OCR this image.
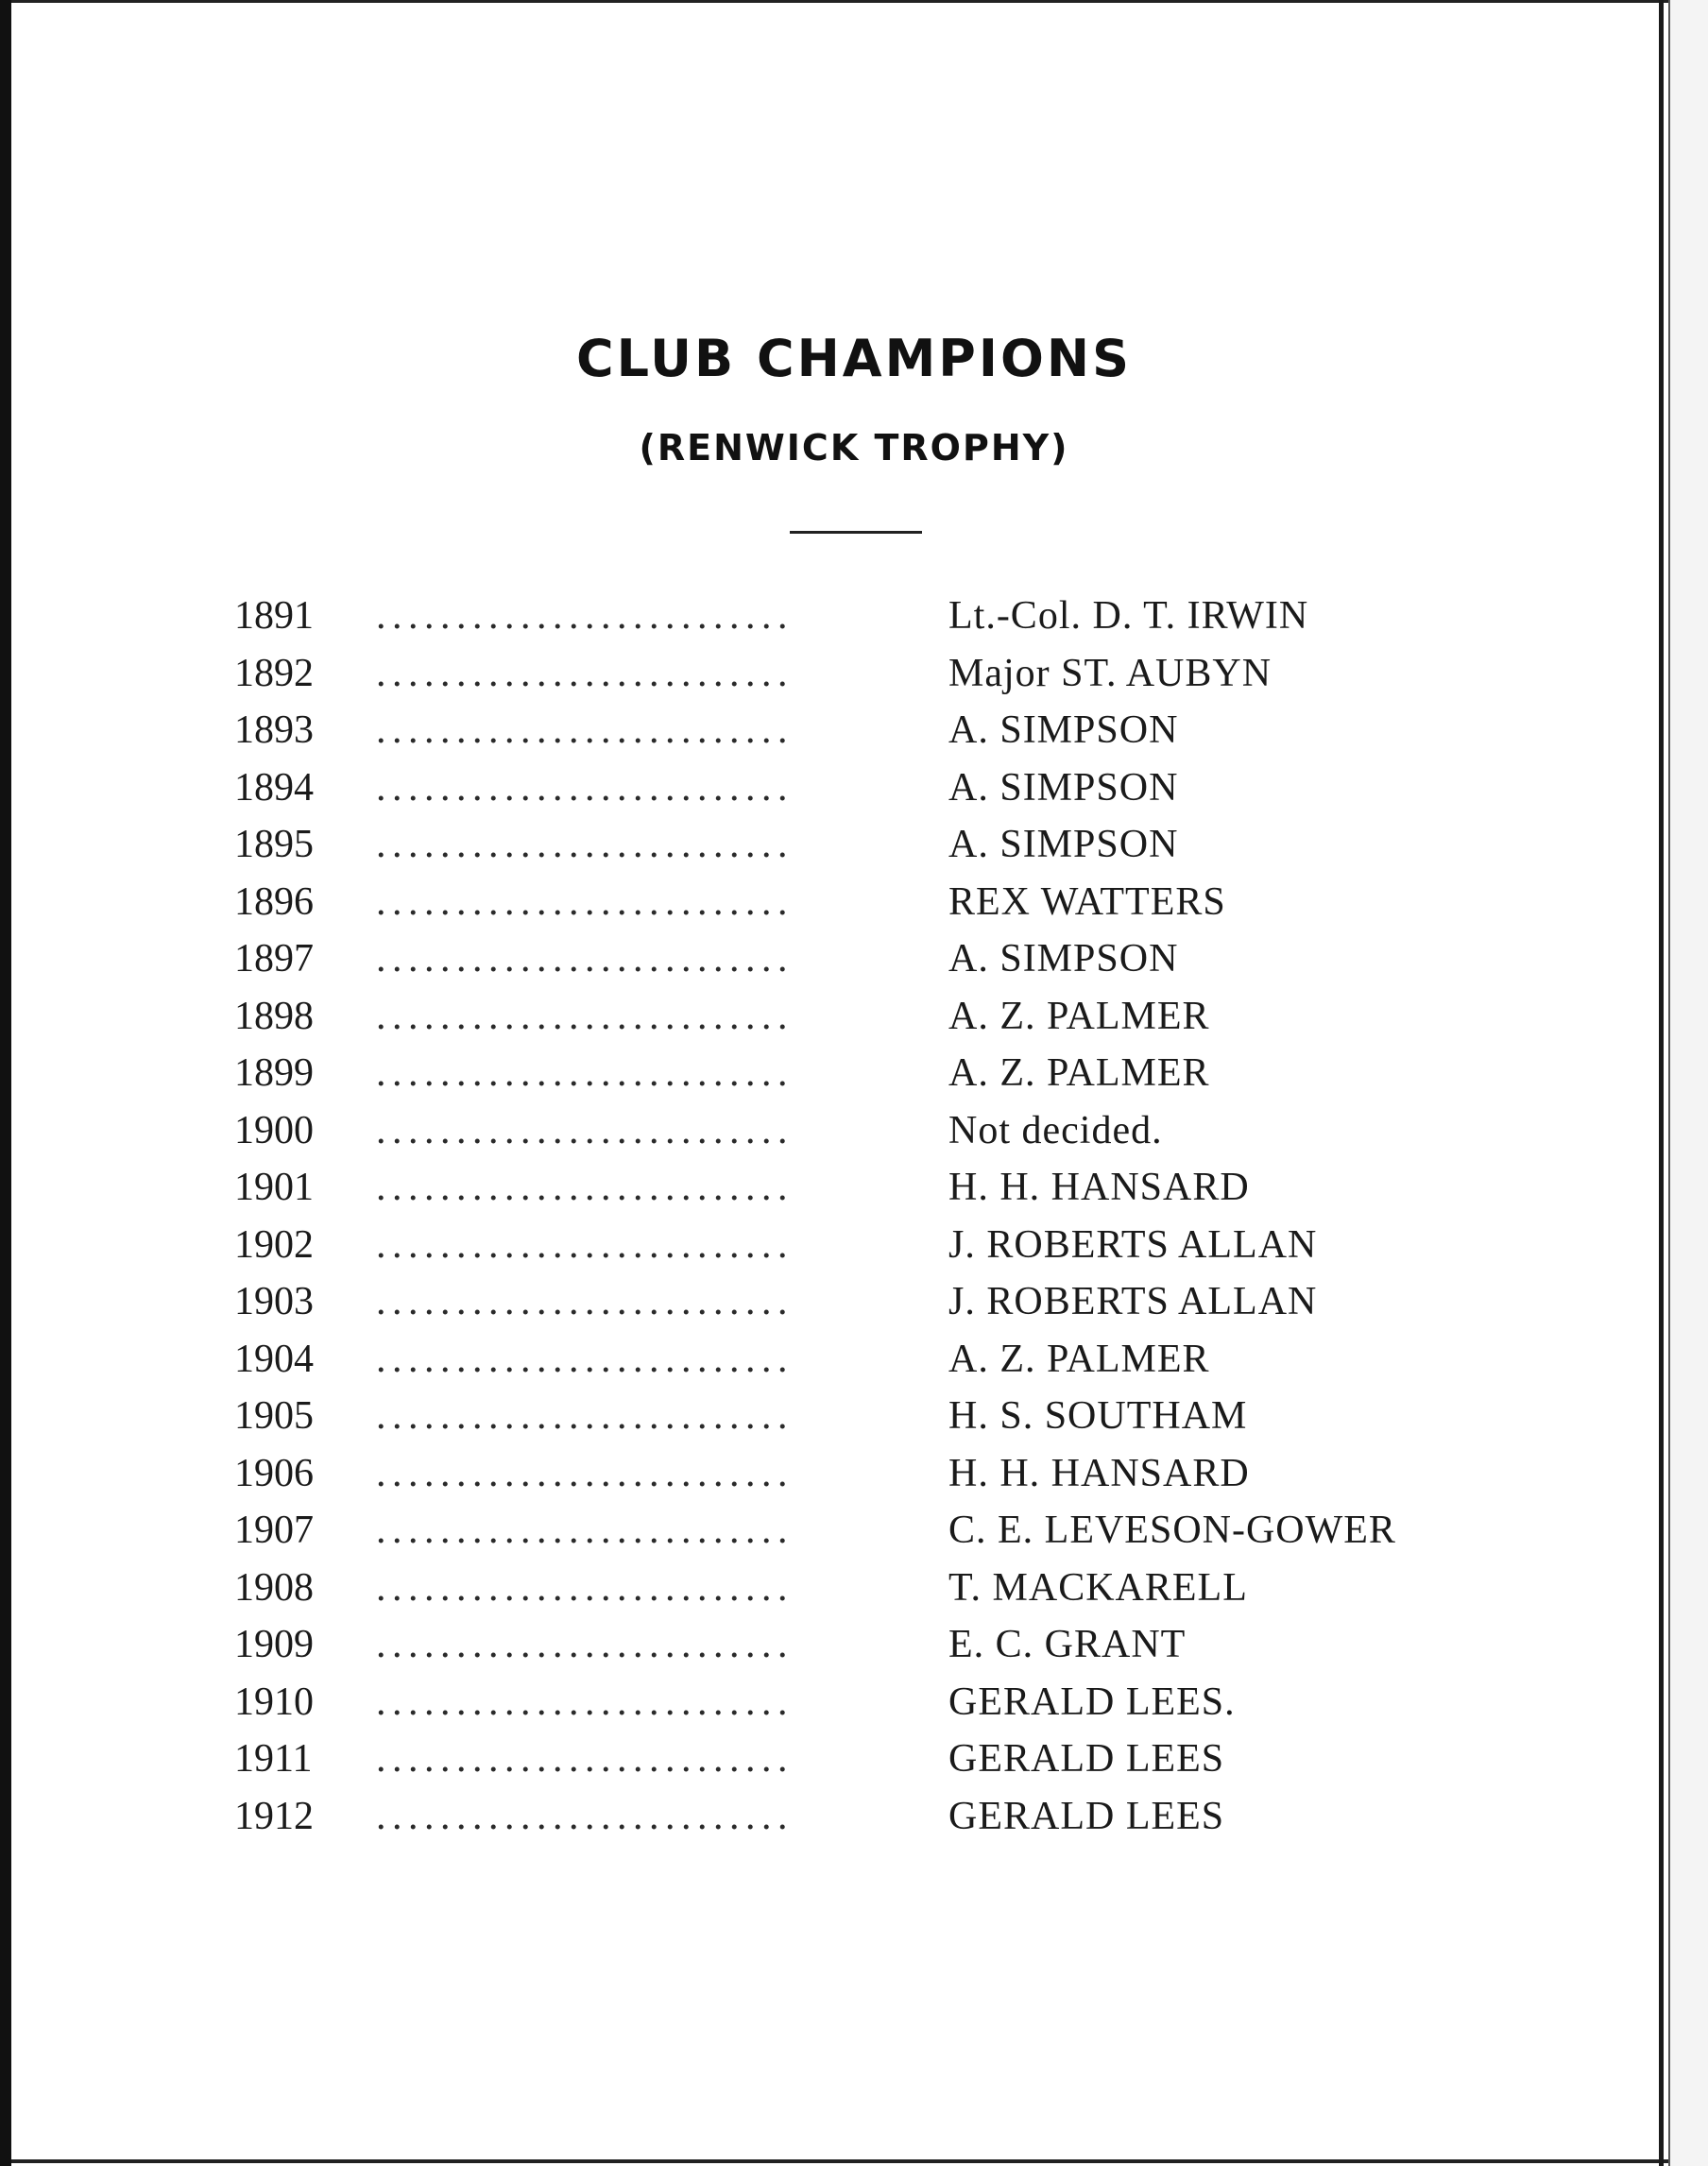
CLUB CHAMPIONS
(RENWICK TROPHY)
1891 ..........................	Lt.-Col. D. T. IRWIN
1892 ..........................	Major ST. AUBYN
1893 ..........................	A. SIMPSON
1894 ..........................	A. SIMPSON
1895 ..........................	A. SIMPSON
1896 ..........................	REX WATTERS
1897 ..........................	A. SIMPSON
1898 ..........................	A. Z. PALMER
1899 ..........................	A. Z. PALMER
1900 ..........................	Not decided.
1901 ..........................	H. H. HANSARD
1902 ..........................	J. ROBERTS ALLAN
1903 ..........................	J. ROBERTS ALLAN
1904 ..........................	A. Z. PALMER
1905 ..........................	H. S. SOUTHAM
1906 ..........................	H. H. HANSARD
1907 ..........................	C. E. LEVESON-GOWER
1908 ..........................	T. MACKARELL
1909 ..........................	E. C. GRANT
1910 ..........................	GERALD LEES.
1911 ..........................	GERALD LEES
1912 ..........................	GERALD LEES
